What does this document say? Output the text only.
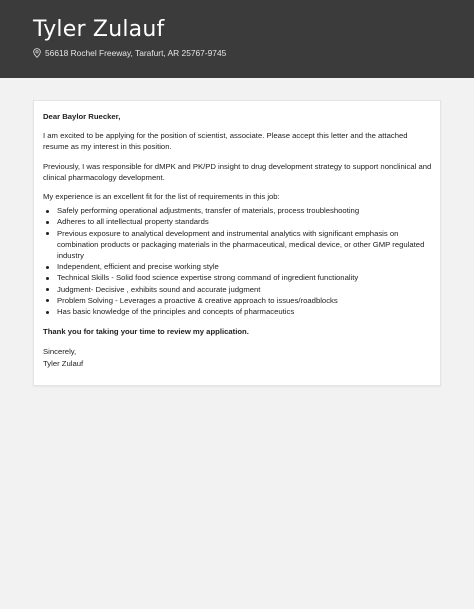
Tyler Zulauf
56618 Rochel Freeway, Tarafurt, AR 25767-9745
Dear Baylor Ruecker,
I am excited to be applying for the position of scientist, associate. Please accept this letter and the attached resume as my interest in this position.
Previously, I was responsible for dMPK and PK/PD insight to drug development strategy to support nonclinical and clinical pharmacology development.
My experience is an excellent fit for the list of requirements in this job:
Safely performing operational adjustments, transfer of materials, process troubleshooting
Adheres to all intellectual property standards
Previous exposure to analytical development and instrumental analytics with significant emphasis on combination products or packaging materials in the pharmaceutical, medical device, or other GMP regulated industry
Independent, efficient and precise working style
Technical Skills - Solid food science expertise strong command of ingredient functionality
Judgment- Decisive , exhibits sound and accurate judgment
Problem Solving - Leverages a proactive & creative approach to issues/roadblocks
Has basic knowledge of the principles and concepts of pharmaceutics
Thank you for taking your time to review my application.
Sincerely,
Tyler Zulauf
